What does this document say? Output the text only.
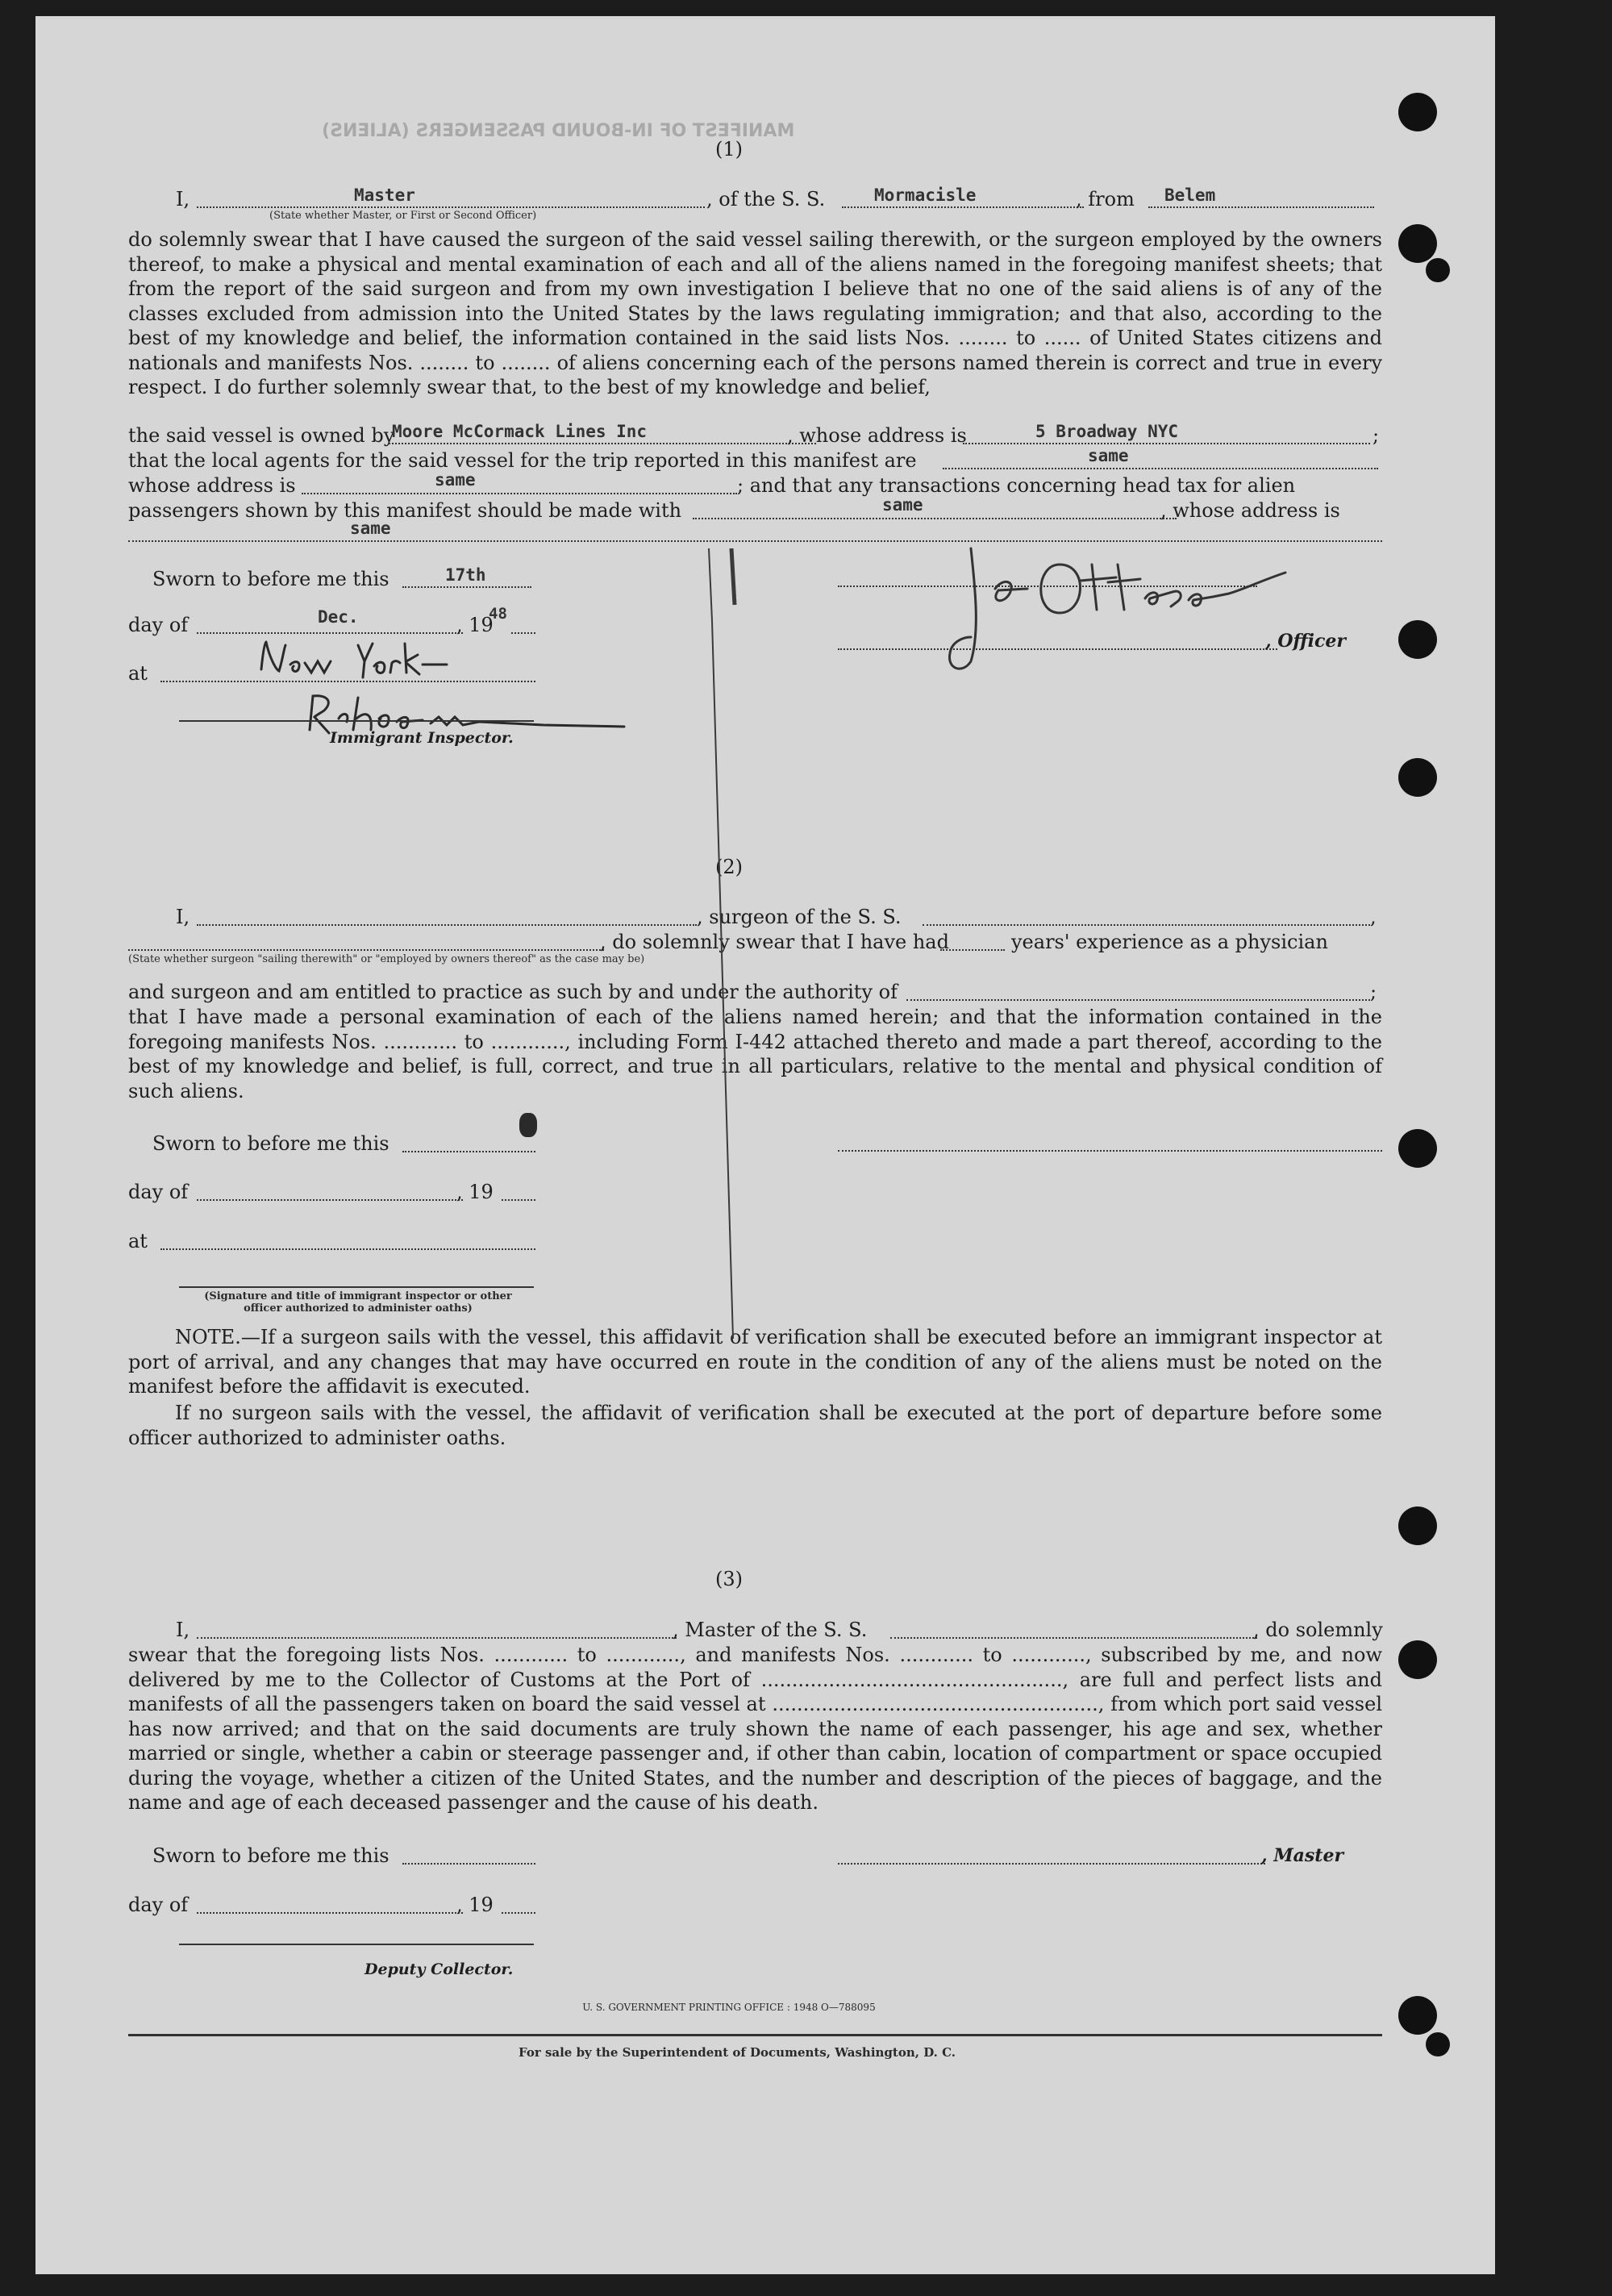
MANIFEST OF IN-BOUND PASSENGERS (ALIENS)
(1)
I,	Master
(State whether Master, or First or Second Officer)
, of the S. S.	Mormacisle	, from Belem
do solemnly swear that I have caused the surgeon of the said vessel sailing therewith, or the surgeon employed by the owners thereof, to make a physical and mental examination of each and all of the aliens named in the foregoing manifest sheets; that from the report of the said surgeon and from my own investigation I believe that no one of the said aliens is of any of the classes excluded from admission into the United States by the laws regulating immigration; and that also, according to the best of my knowledge and belief, the information contained in the said lists Nos. ........ to ...... of United States citizens and nationals and manifests Nos. ........ to ........ of aliens concerning each of the persons named therein is correct and true in every respect. I do further solemnly swear that, to the best of my knowledge and belief,
the said vessel is owned by
Moore McCormack Lines Inc	, whose address is	5 Broadway NYC	;
that the local agents for the said vessel for the trip reported in this manifest are	same
whose address is	same	; and that any transactions concerning head tax for alien
passengers shown by this manifest should be made with	same	, whose address is
same
Sworn to before me this	17th
day of	Dec.	, 19
48
at
Immigrant Inspector.
, Officer
(2)
I,	, surgeon of the S. S.	,
, do solemnly swear that I have had	years' experience as a physician
(State whether surgeon "sailing therewith" or "employed by owners thereof" as the case may be)
and surgeon and am entitled to practice as such by and under the authority of	;
that I have made a personal examination of each of the aliens named herein; and that the information contained in the foregoing manifests Nos. ............ to ............, including Form I-442 attached thereto and made a part thereof, according to the best of my knowledge and belief, is full, correct, and true in all particulars, relative to the mental and physical condition of such aliens.
Sworn to before me this
day of	, 19
at
(Signature and title of immigrant inspector or other officer authorized to administer oaths)
NOTE.—If a surgeon sails with the vessel, this affidavit of verification shall be executed before an immigrant inspector at port of arrival, and any changes that may have occurred en route in the condition of any of the aliens must be noted on the manifest before the affidavit is executed.
If no surgeon sails with the vessel, the affidavit of verification shall be executed at the port of departure before some officer authorized to administer oaths.
(3)
I,	, Master of the S. S.	, do solemnly
swear that the foregoing lists Nos. ............ to ............, and manifests Nos. ............ to ............, subscribed by me, and now delivered by me to the Collector of Customs at the Port of ................................................., are full and perfect lists and manifests of all the passengers taken on board the said vessel at ....................................................., from which port said vessel has now arrived; and that on the said documents are truly shown the name of each passenger, his age and sex, whether married or single, whether a cabin or steerage passenger and, if other than cabin, location of compartment or space occupied during the voyage, whether a citizen of the United States, and the number and description of the pieces of baggage, and the name and age of each deceased passenger and the cause of his death.
Sworn to before me this	, Master
day of	, 19
Deputy Collector.
U. S. GOVERNMENT PRINTING OFFICE : 1948 O—788095
For sale by the Superintendent of Documents, Washington, D. C.
